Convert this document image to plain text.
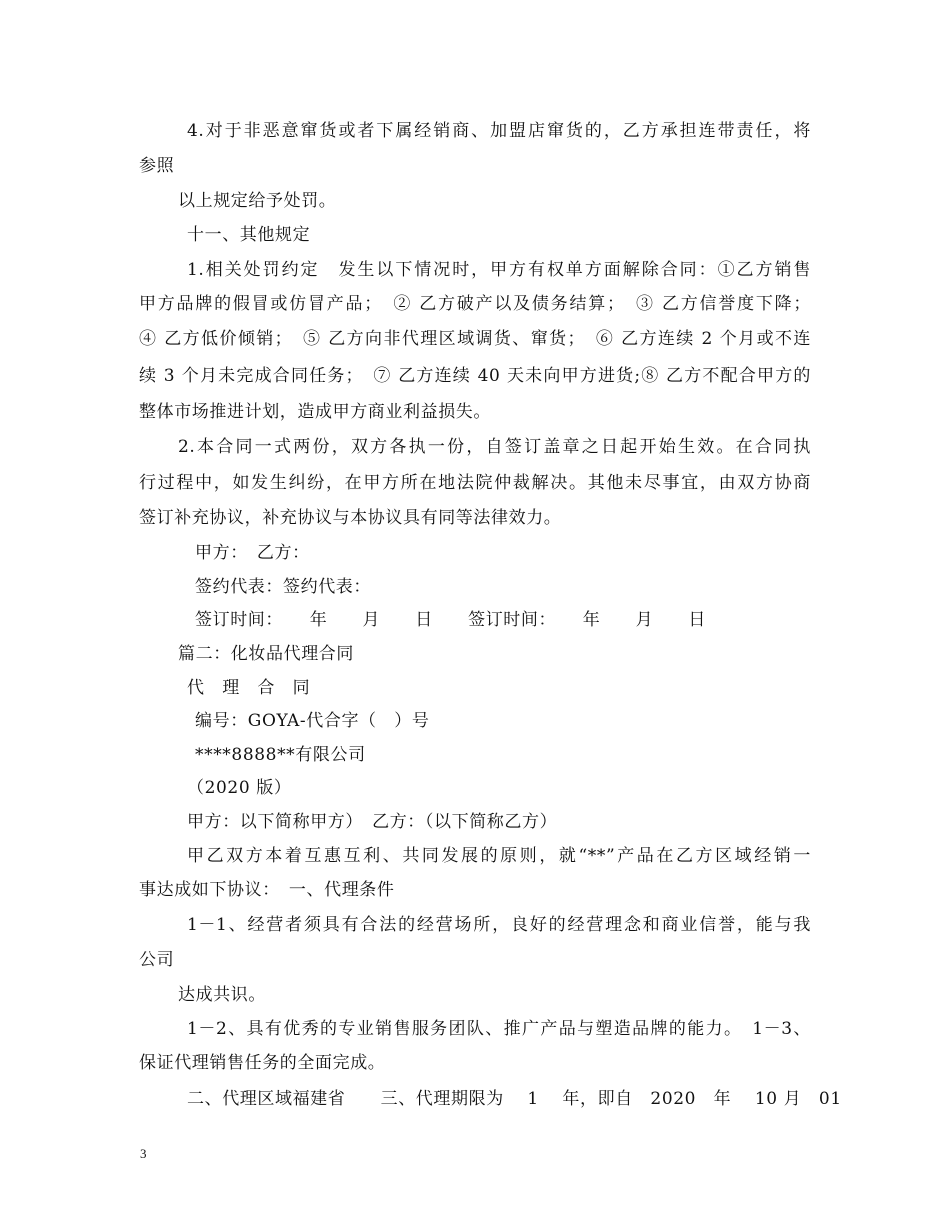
4.对于非恶意窜货或者下属经销商、加盟店窜货的，乙方承担连带责任，将
参照
以上规定给予处罚。
十一、其他规定
1.相关处罚约定　发生以下情况时，甲方有权单方面解除合同：①乙方销售
甲方品牌的假冒或仿冒产品；　② 乙方破产以及债务结算；　③ 乙方信誉度下降；
④ 乙方低价倾销；　⑤ 乙方向非代理区域调货、窜货；　⑥ 乙方连续 2 个月或不连
续 3 个月未完成合同任务；　⑦ 乙方连续 40 天未向甲方进货;⑧ 乙方不配合甲方的
整体市场推进计划，造成甲方商业利益损失。
2.本合同一式两份，双方各执一份，自签订盖章之日起开始生效。在合同执
行过程中，如发生纠纷，在甲方所在地法院仲裁解决。其他未尽事宜，由双方协商
签订补充协议，补充协议与本协议具有同等法律效力。
甲方：　乙方：
签约代表：签约代表：
签订时间：　　年　　月　　日　　签订时间：　　年　　月　　日
篇二：化妆品代理合同
代　理　合　同
编号：GOYA-代合字（　）号
****8888**有限公司
（2020 版）
甲方：以下简称甲方）　乙方：（以下简称乙方）
甲乙双方本着互惠互利、共同发展的原则，就“**”产品在乙方区域经销一
事达成如下协议：　一、代理条件
1－1、经营者须具有合法的经营场所，良好的经营理念和商业信誉，能与我
公司
达成共识。
1－2、具有优秀的专业销售服务团队、推广产品与塑造品牌的能力。　1－3、
保证代理销售任务的全面完成。
二、代理区域福建省　　三、代理期限为　 1　 年，即自　2020　年　 10 月　01
3
